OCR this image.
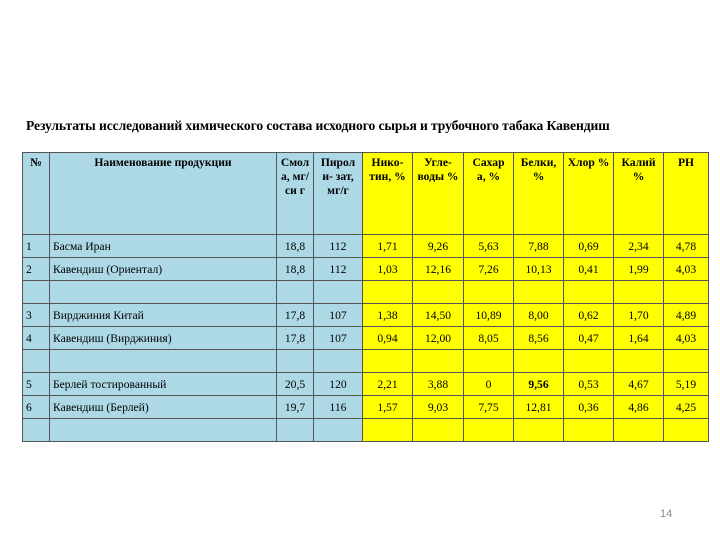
Результаты исследований химического состава исходного сырья и трубочного табака Кавендиш
№	Наименование продукции	Смол а, мг/си г	Пирол и- зат, мг/г	Нико- тин, %	Угле- воды %	Сахар а, %	Белки, %	Хлор %	Калий %	PH
1	Басма Иран	18,8	112	1,71	9,26	5,63	7,88	0,69	2,34	4,78
2	Кавендиш (Ориентал)	18,8	112	1,03	12,16	7,26	10,13	0,41	1,99	4,03

3	Вирджиния Китай	17,8	107	1,38	14,50	10,89	8,00	0,62	1,70	4,89
4	Кавендиш (Вирджиния)	17,8	107	0,94	12,00	8,05	8,56	0,47	1,64	4,03

5	Берлей тостированный	20,5	120	2,21	3,88	0	9,56	0,53	4,67	5,19
6	Кавендиш (Берлей)	19,7	116	1,57	9,03	7,75	12,81	0,36	4,86	4,25

14
